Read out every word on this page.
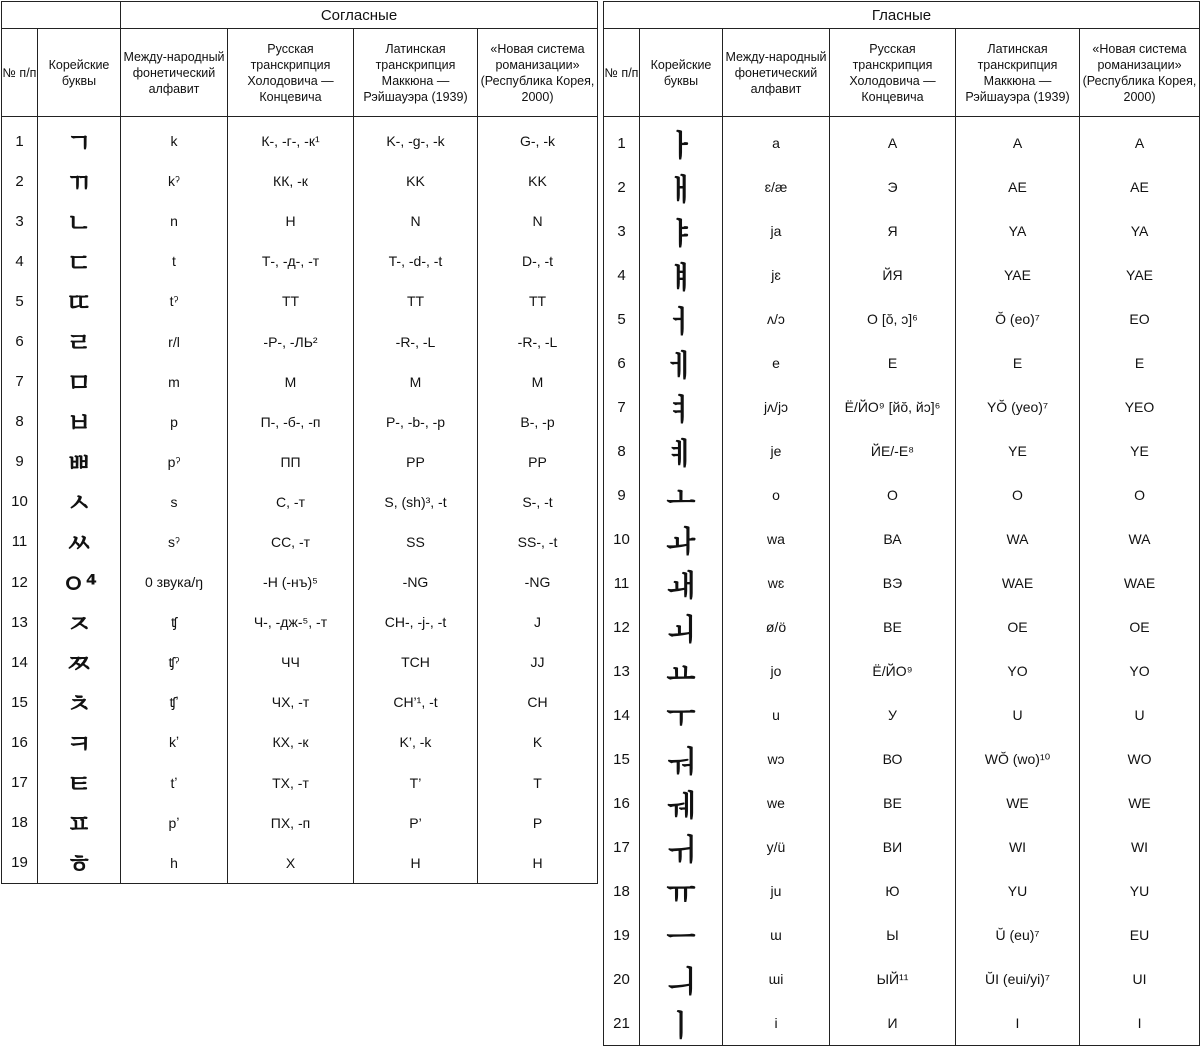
		Согласные			
№ п/п	Корейские буквы	Между-народный фонетический алфавит	Русская транскрипция Холодовича — Концевича	Латинская транскрипция Маккюна — Рэйшауэра (1939)	«Новая система романизации» (Республика Корея, 2000)
1	ㄱ	k	К-, -г-, -к¹	K-, -g-, -k	G-, -k
2	ㄲ	kˀ	КК, -к	KK	KK
3	ㄴ	n	Н	N	N
4	ㄷ	t	Т-, -д-, -т	T-, -d-, -t	D-, -t
5	ㄸ	tˀ	ТТ	TT	TT
6	ㄹ	r/l	-Р-, -ЛЬ²	-R-, -L	-R-, -L
7	ㅁ	m	М	M	M
8	ㅂ	p	П-, -б-, -п	P-, -b-, -p	B-, -p
9	ㅃ	pˀ	ПП	PP	PP
10	ㅅ	s	С, -т	S, (sh)³, -t	S-, -t
11	ㅆ	sˀ	СС, -т	SS	SS-, -t
12	ㅇ⁴	0 звука/ŋ	-Н (-нъ)⁵	-NG	-NG
13	ㅈ	ʧ	Ч-, -дж-⁵, -т	CH-, -j-, -t	J
14	ㅉ	ʧˀ	ЧЧ	TCH	JJ
15	ㅊ	ʧʼ	ЧХ, -т	CH’¹, -t	CH
16	ㅋ	kʼ	КХ, -к	K’, -k	K
17	ㅌ	tʼ	ТХ, -т	T’	T
18	ㅍ	pʼ	ПХ, -п	P’	P
19	ㅎ	h	Х	H	H
Гласные					
№ п/п	Корейские буквы	Между-народный фонетический алфавит	Русская транскрипция Холодовича — Концевича	Латинская транскрипция Маккюна — Рэйшауэра (1939)	«Новая система романизации» (Республика Корея, 2000)
1	ㅏ	a	А	A	A
2	ㅐ	ɛ/æ	Э	AE	AE
3	ㅑ	ja	Я	YA	YA
4	ㅒ	jɛ	ЙЯ	YAE	YAE
5	ㅓ	ʌ/ɔ	О [ŏ, ɔ]⁶	Ŏ (eo)⁷	EO
6	ㅔ	e	Е	E	E
7	ㅕ	jʌ/jɔ	Ё/ЙО⁹ [йŏ, йɔ]⁶	YŎ (yeo)⁷	YEO
8	ㅖ	je	ЙЕ/-Е⁸	YE	YE
9	ㅗ	o	О	O	O
10	ㅘ	wa	ВА	WA	WA
11	ㅙ	wɛ	ВЭ	WAE	WAE
12	ㅚ	ø/ö	ВЕ	OE	OE
13	ㅛ	jo	Ё/ЙО⁹	YO	YO
14	ㅜ	u	У	U	U
15	ㅝ	wɔ	ВО	WŎ (wo)¹⁰	WO
16	ㅞ	we	ВЕ	WE	WE
17	ㅟ	y/ü	ВИ	WI	WI
18	ㅠ	ju	Ю	YU	YU
19	ㅡ	ɯ	Ы	Ŭ (eu)⁷	EU
20	ㅢ	ɯi	ЫЙ¹¹	ŬI (eui/yi)⁷	UI
21	ㅣ	i	И	I	I
